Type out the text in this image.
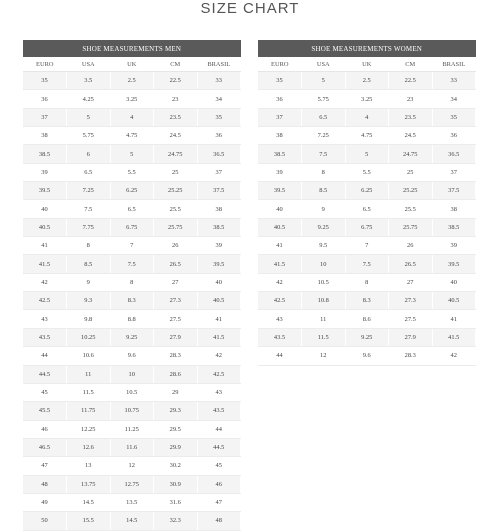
SIZE CHART
SHOE MEASUREMENTS MEN				
EURO	USA	UK	CM	BRASIL
35	3.5	2.5	22.5	33
36	4.25	3.25	23	34
37	5	4	23.5	35
38	5.75	4.75	24.5	36
38.5	6	5	24.75	36.5
39	6.5	5.5	25	37
39.5	7.25	6.25	25.25	37.5
40	7.5	6.5	25.5	38
40.5	7.75	6.75	25.75	38.5
41	8	7	26	39
41.5	8.5	7.5	26.5	39.5
42	9	8	27	40
42.5	9.3	8.3	27.3	40.5
43	9.8	8.8	27.5	41
43.5	10.25	9.25	27.9	41.5
44	10.6	9.6	28.3	42
44.5	11	10	28.6	42.5
45	11.5	10.5	29	43
45.5	11.75	10.75	29.3	43.5
46	12.25	11.25	29.5	44
46.5	12.6	11.6	29.9	44.5
47	13	12	30.2	45
48	13.75	12.75	30.9	46
49	14.5	13.5	31.6	47
50	15.5	14.5	32.3	48
SHOE MEASUREMENTS WOMEN				
EURO	USA	UK	CM	BRASIL
35	5	2.5	22.5	33
36	5.75	3.25	23	34
37	6.5	4	23.5	35
38	7.25	4.75	24.5	36
38.5	7.5	5	24.75	36.5
39	8	5.5	25	37
39.5	8.5	6.25	25.25	37.5
40	9	6.5	25.5	38
40.5	9.25	6.75	25.75	38.5
41	9.5	7	26	39
41.5	10	7.5	26.5	39.5
42	10.5	8	27	40
42.5	10.8	8.3	27.3	40.5
43	11	8.6	27.5	41
43.5	11.5	9.25	27.9	41.5
44	12	9.6	28.3	42
